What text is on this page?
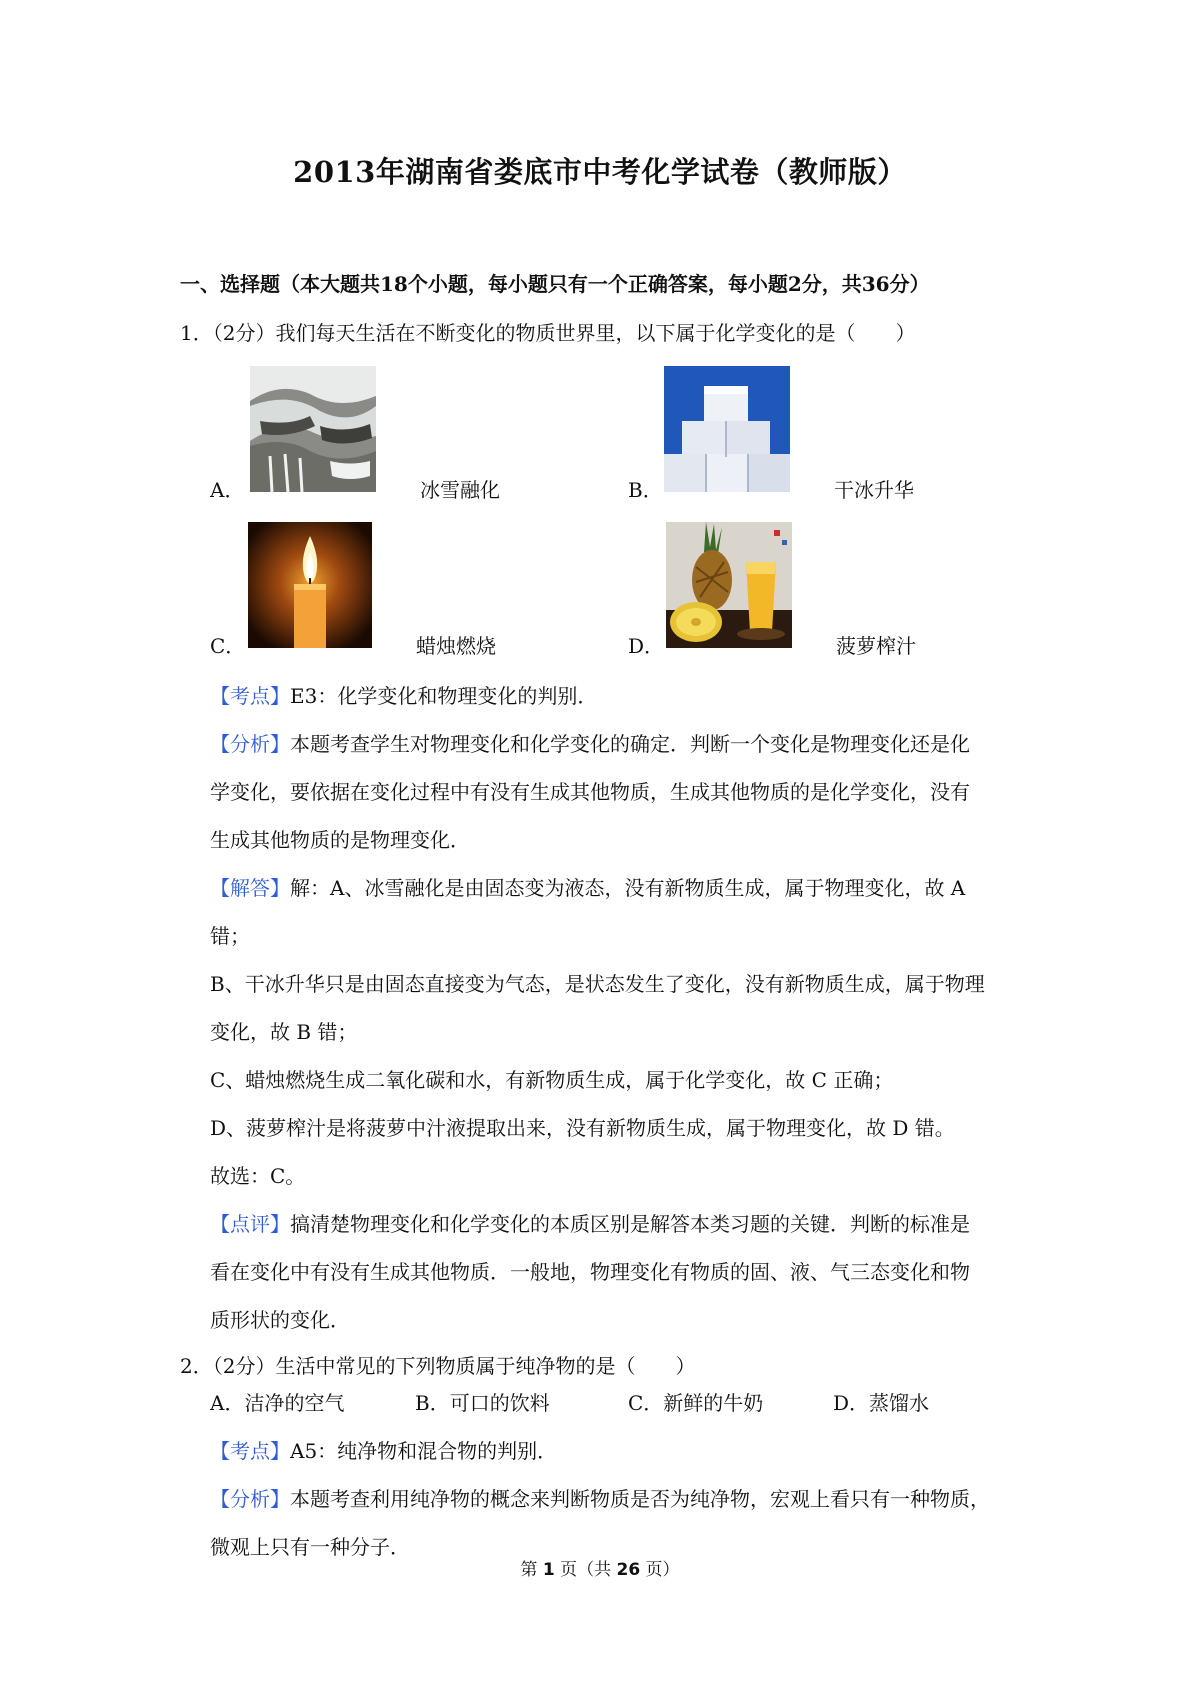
2013年湖南省娄底市中考化学试卷（教师版）
一、选择题（本大题共18个小题，每小题只有一个正确答案，每小题2分，共36分）
1．（2分）我们每天生活在不断变化的物质世界里，以下属于化学变化的是（　　）
A．	冰雪融化	B．	干冰升华
C．	蜡烛燃烧	D．	菠萝榨汁
【考点】E3：化学变化和物理变化的判别．
【分析】本题考查学生对物理变化和化学变化的确定．判断一个变化是物理变化还是化
学变化，要依据在变化过程中有没有生成其他物质，生成其他物质的是化学变化，没有
生成其他物质的是物理变化．
【解答】解：A、冰雪融化是由固态变为液态，没有新物质生成，属于物理变化，故 A
错；
B、干冰升华只是由固态直接变为气态，是状态发生了变化，没有新物质生成，属于物理
变化，故 B 错；
C、蜡烛燃烧生成二氧化碳和水，有新物质生成，属于化学变化，故 C 正确；
D、菠萝榨汁是将菠萝中汁液提取出来，没有新物质生成，属于物理变化，故 D 错。
故选：C。
【点评】搞清楚物理变化和化学变化的本质区别是解答本类习题的关键．判断的标准是
看在变化中有没有生成其他物质．一般地，物理变化有物质的固、液、气三态变化和物
质形状的变化．
2．（2分）生活中常见的下列物质属于纯净物的是（　　）
A．洁净的空气	B．可口的饮料	C．新鲜的牛奶	D．蒸馏水
【考点】A5：纯净物和混合物的判别．
【分析】本题考查利用纯净物的概念来判断物质是否为纯净物，宏观上看只有一种物质，
微观上只有一种分子．
第 1 页（共 26 页）
